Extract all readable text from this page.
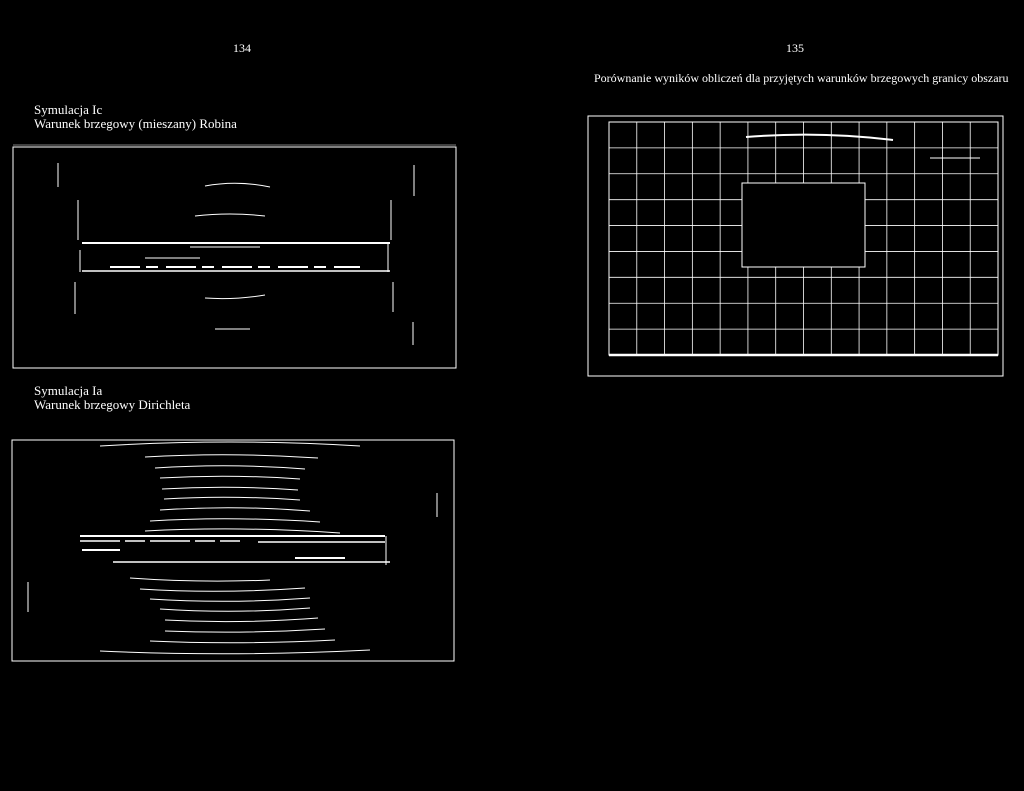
134	135
Porównanie wyników obliczeń dla przyjętych warunków brzegowych granicy obszaru
Symulacja Ic
Warunek brzegowy (mieszany) Robina
Symulacja Ia
Warunek brzegowy Dirichleta
